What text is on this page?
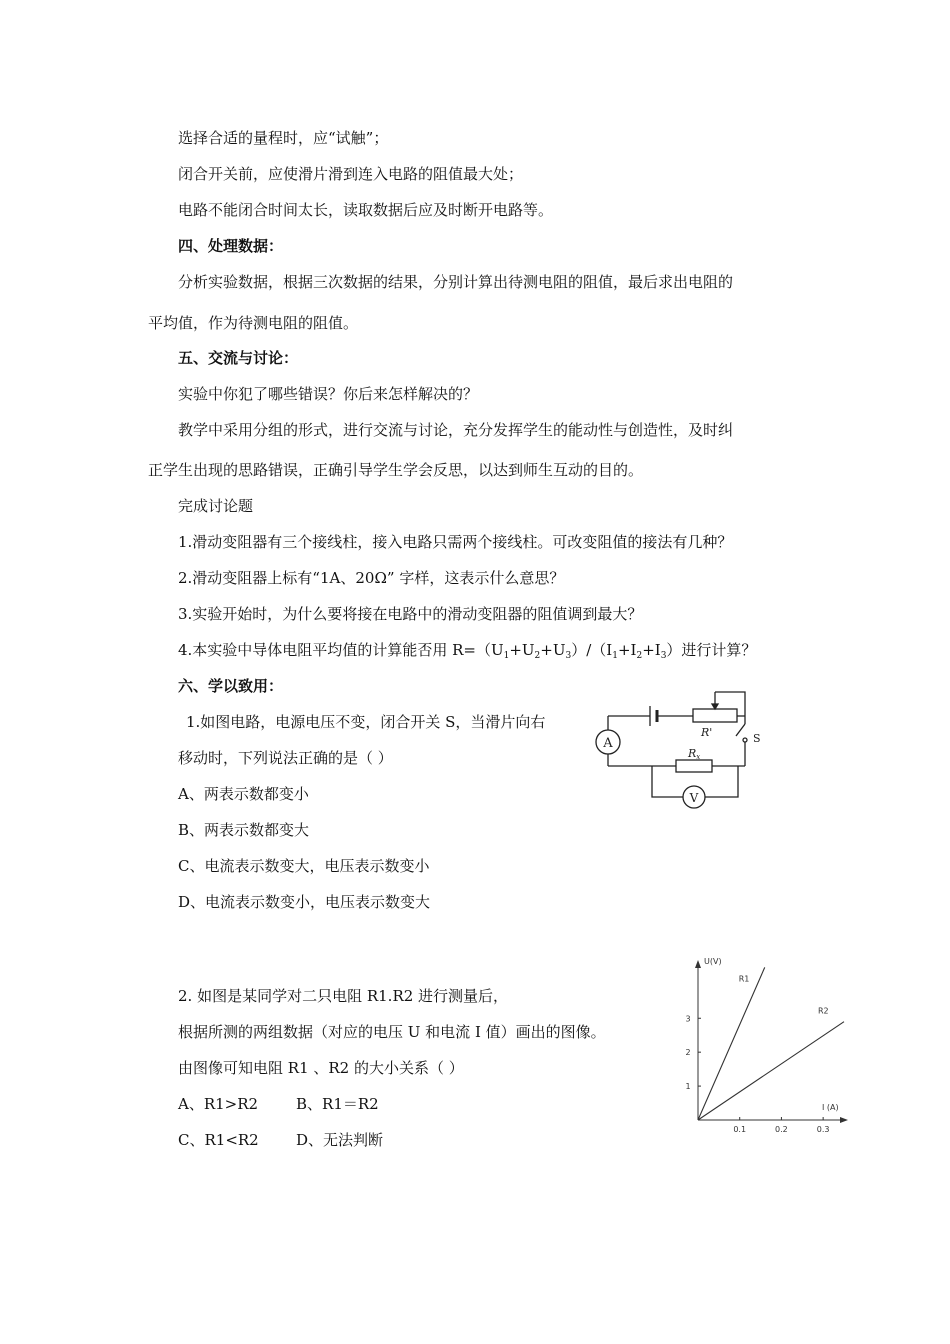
选择合适的量程时，应“试触”；
闭合开关前，应使滑片滑到连入电路的阻值最大处；
电路不能闭合时间太长，读取数据后应及时断开电路等。
四、处理数据：
分析实验数据，根据三次数据的结果，分别计算出待测电阻的阻值，最后求出电阻的
平均值，作为待测电阻的阻值。
五、交流与讨论：
实验中你犯了哪些错误？你后来怎样解决的？
教学中采用分组的形式，进行交流与讨论，充分发挥学生的能动性与创造性，及时纠
正学生出现的思路错误，正确引导学生学会反思，以达到师生互动的目的。
完成讨论题
1.滑动变阻器有三个接线柱，接入电路只需两个接线柱。可改变阻值的接法有几种？
2.滑动变阻器上标有“1A、20Ω” 字样，这表示什么意思？
3.实验开始时，为什么要将接在电路中的滑动变阻器的阻值调到最大？
4.本实验中导体电阻平均值的计算能否用 $R=(U_1+U_2+U_3)/(I_1+I_2+I_3)$进行计算？
六、学以致用：
1.如图电路，电源电压不变，闭合开关 S，当滑片向右
移动时，下列说法正确的是（ ）
A、两表示数都变小
B、两表示数都变大
C、电流表示数变大，电压表示数变小
D、电流表示数变小，电压表示数变大
A
V
R'
Rx
S
2. 如图是某同学对二只电阻 R1.R2 进行测量后，
根据所测的两组数据（对应的电压 U 和电流 I 值）画出的图像。
由图像可知电阻 R1 、R2 的大小关系（ ）
A、R1>R2	B、R1＝R2
C、R1<R2 D、无法判断
0.1	0.2	0.3
1
2
3
R1
R2
U(V)
I (A)
